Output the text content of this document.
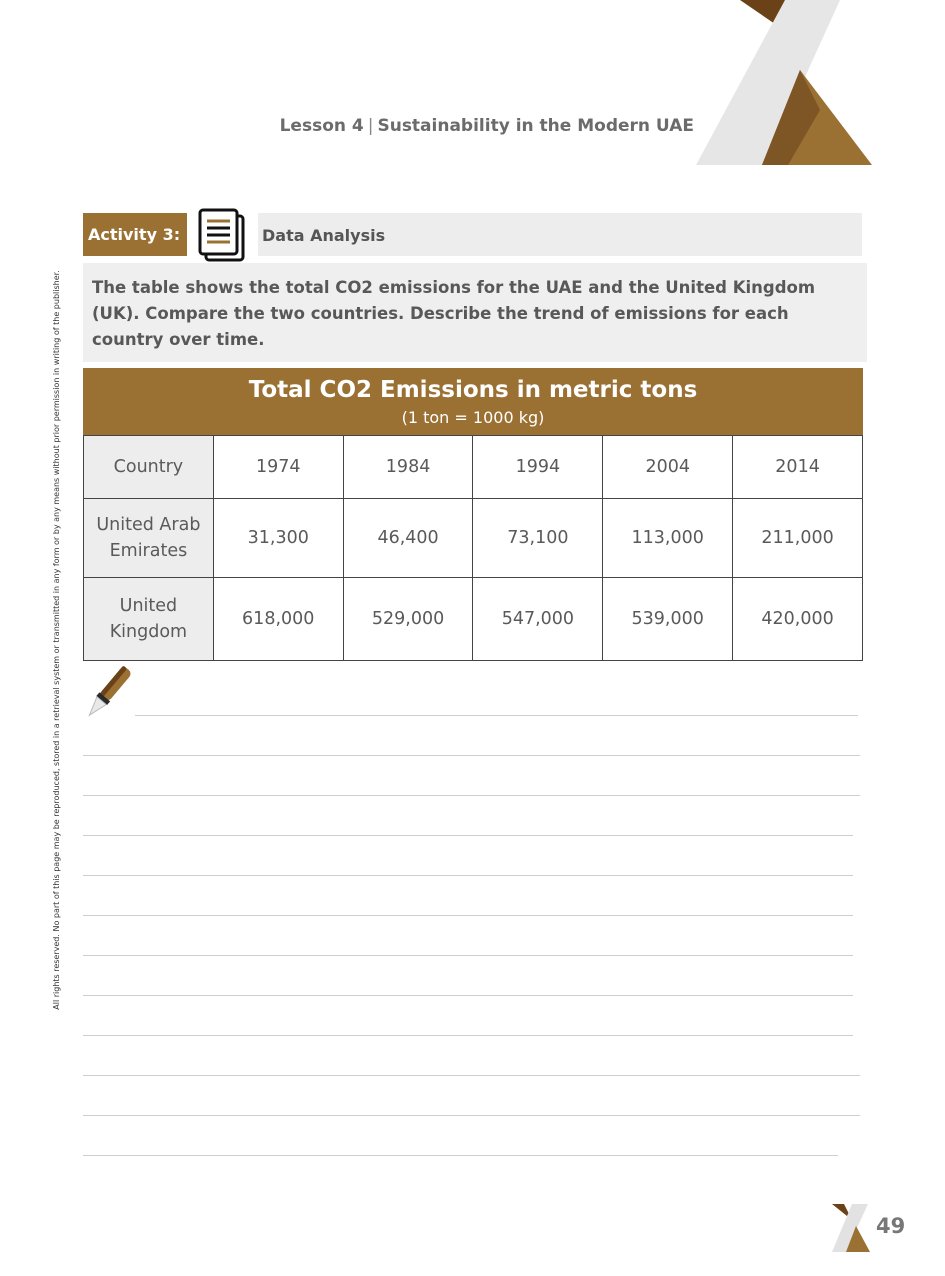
Lesson 4 | Sustainability in the Modern UAE
Activity 3:	Data Analysis
The table shows the total CO2 emissions for the UAE and the United Kingdom (UK). Compare the two countries. Describe the trend of emissions for each country over time.
Total CO2 Emissions in metric tons
(1 ton = 1000 kg)
Country	1974	1984	1994	2004	2014
United Arab Emirates	31,300	46,400	73,100	113,000	211,000
United Kingdom	618,000	529,000	547,000	539,000	420,000
All rights reserved. No part of this page may be reproduced, stored in a retrieval system or transmitted in any form or by any means without prior permission in writing of the publisher.
49
